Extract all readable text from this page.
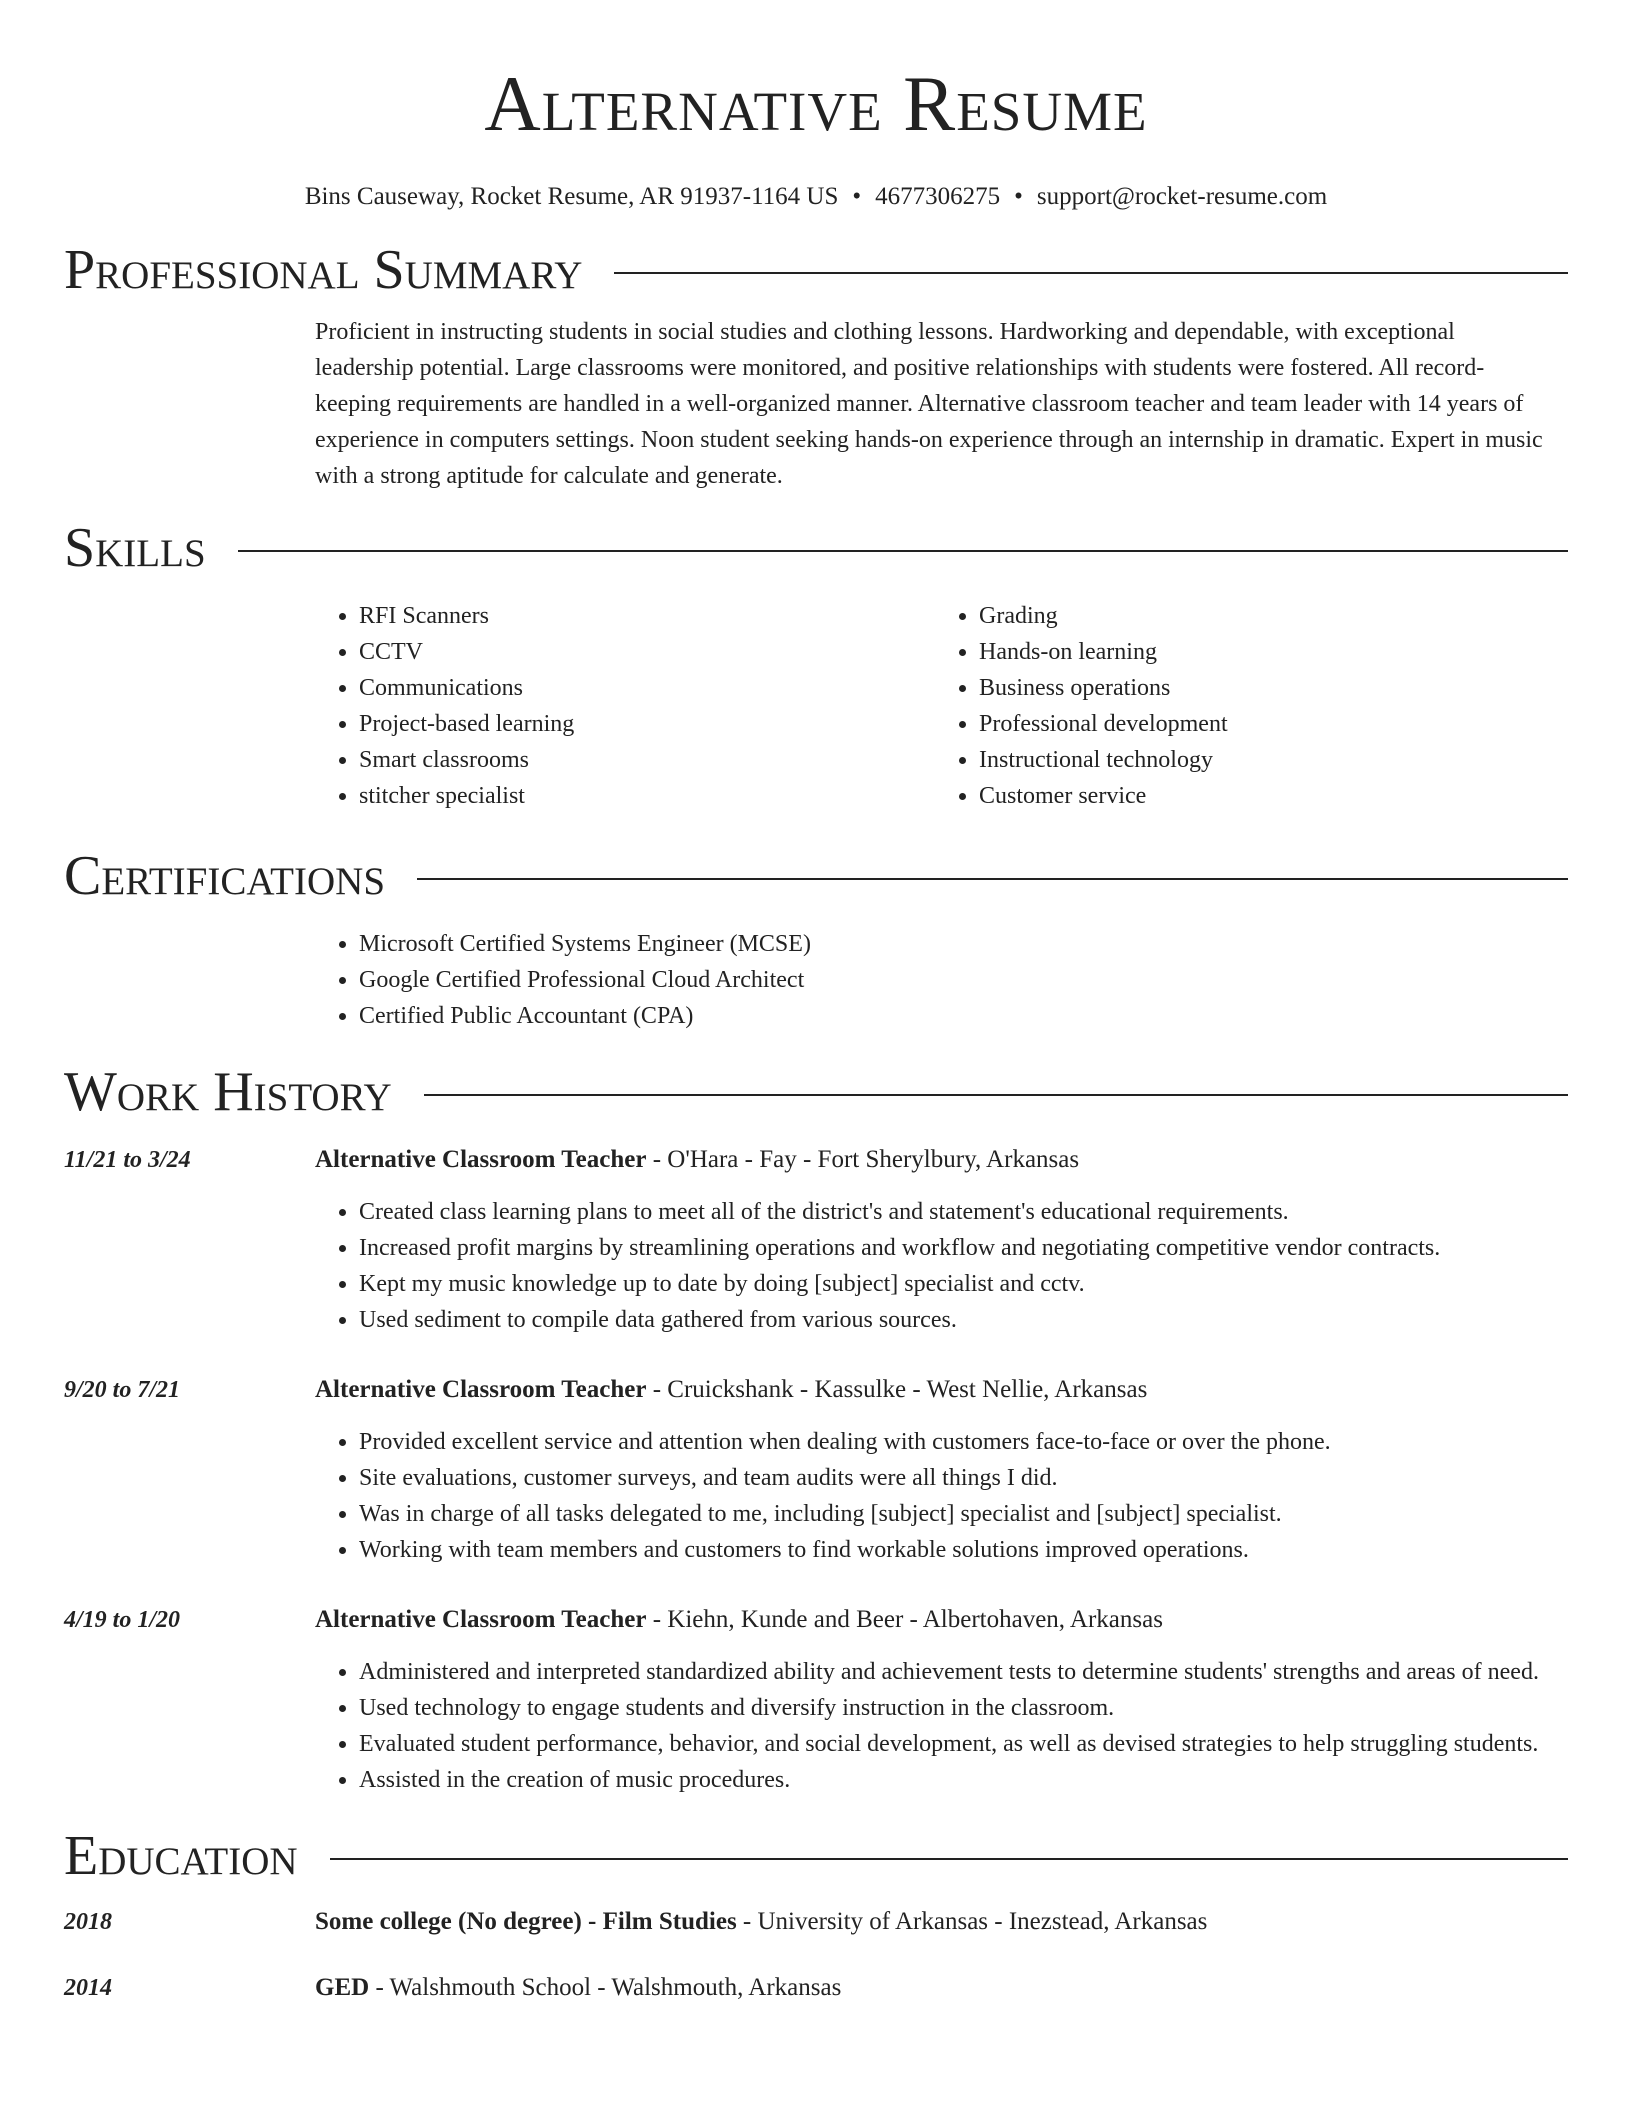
Alternative Resume
Bins Causeway, Rocket Resume, AR 91937-1164 US • 4677306275 • support@rocket-resume.com
Professional Summary

Proficient in instructing students in social studies and clothing lessons. Hardworking and dependable, with exceptional leadership potential. Large classrooms were monitored, and positive relationships with students were fostered. All record-keeping requirements are handled in a well-organized manner. Alternative classroom teacher and team leader with 14 years of experience in computers settings. Noon student seeking hands-on experience through an internship in dramatic. Expert in music with a strong aptitude for calculate and generate.

Skills
• RFI Scanners
• CCTV
• Communications
• Project-based learning
• Smart classrooms
• stitcher specialist
• Grading
• Hands-on learning
• Business operations
• Professional development
• Instructional technology
• Customer service
Certifications
• Microsoft Certified Systems Engineer (MCSE)
• Google Certified Professional Cloud Architect
• Certified Public Accountant (CPA)
Work History
11/21 to 3/24	Alternative Classroom Teacher - O'Hara - Fay - Fort Sherylbury, Arkansas
• Created class learning plans to meet all of the district's and statement's educational requirements.
• Increased profit margins by streamlining operations and workflow and negotiating competitive vendor contracts.
• Kept my music knowledge up to date by doing [subject] specialist and cctv.
• Used sediment to compile data gathered from various sources.
9/20 to 7/21	Alternative Classroom Teacher - Cruickshank - Kassulke - West Nellie, Arkansas
• Provided excellent service and attention when dealing with customers face-to-face or over the phone.
• Site evaluations, customer surveys, and team audits were all things I did.
• Was in charge of all tasks delegated to me, including [subject] specialist and [subject] specialist.
• Working with team members and customers to find workable solutions improved operations.
4/19 to 1/20	Alternative Classroom Teacher - Kiehn, Kunde and Beer - Albertohaven, Arkansas
• Administered and interpreted standardized ability and achievement tests to determine students' strengths and areas of need.
• Used technology to engage students and diversify instruction in the classroom.
• Evaluated student performance, behavior, and social development, as well as devised strategies to help struggling students.
• Assisted in the creation of music procedures.
Education
2018	Some college (No degree) - Film Studies - University of Arkansas - Inezstead, Arkansas
2014	GED - Walshmouth School - Walshmouth, Arkansas
